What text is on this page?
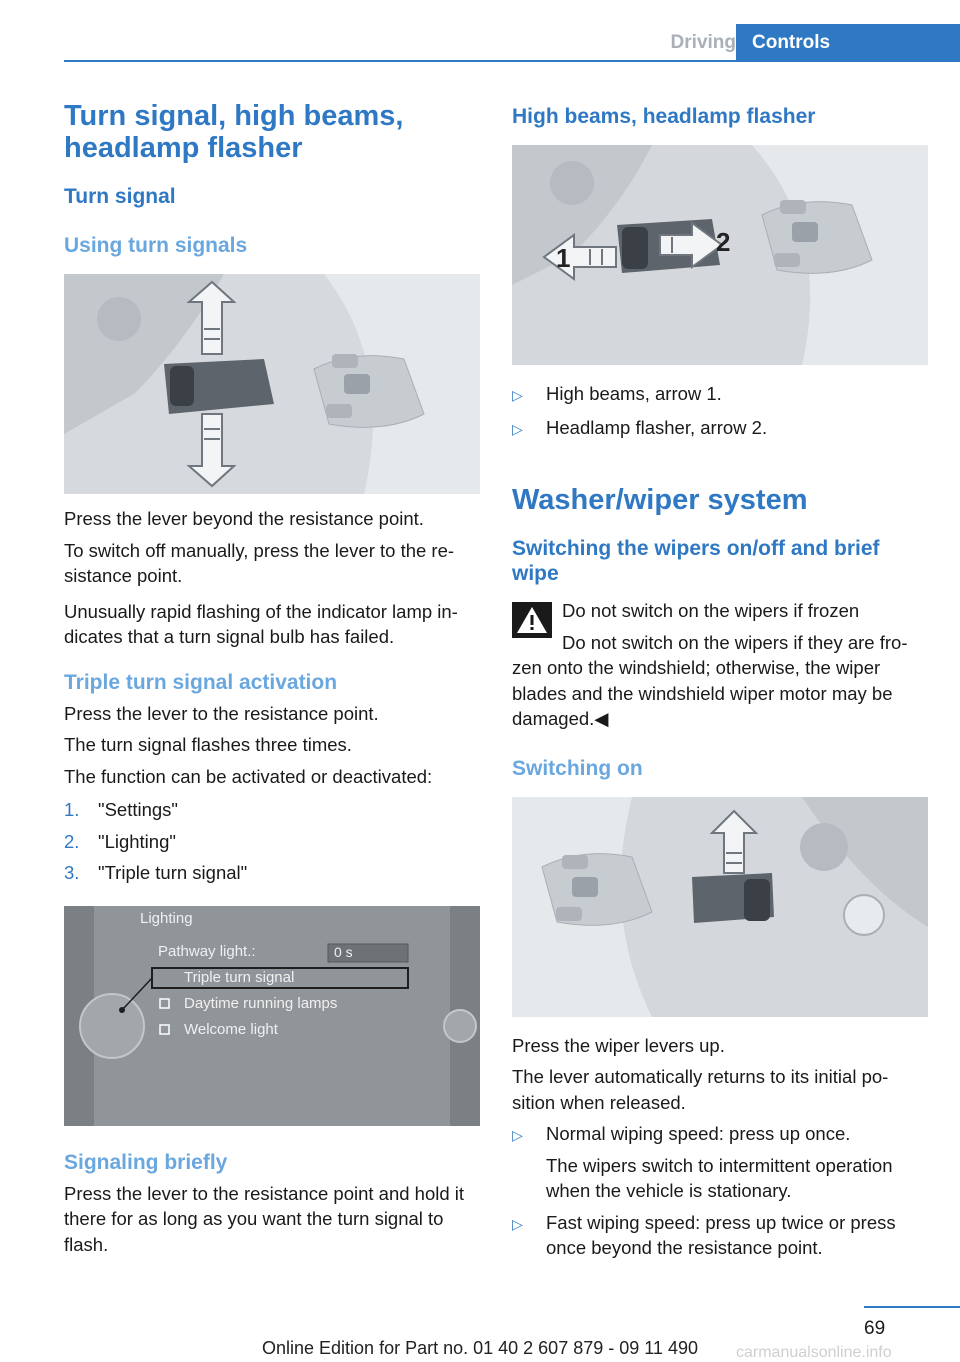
Driving Controls
Turn signal, high beams, headlamp flasher
Turn signal
Using turn signals

Press the lever beyond the resistance point.

To switch off manually, press the lever to the re-sistance point.

Unusually rapid flashing of the indicator lamp in-dicates that a turn signal bulb has failed.

Triple turn signal activation

Press the lever to the resistance point.

The turn signal flashes three times.

The function can be activated or deactivated:

1.	"Settings"
2.	"Lighting"
3.	"Triple turn signal"
Lighting
Pathway light.:	0 s
Triple turn signal
Daytime running lamps
Welcome light
Signaling briefly

Press the lever to the resistance point and hold it there for as long as you want the turn signal to flash.

High beams, headlamp flasher
1
2
▷	High beams, arrow 1.
▷	Headlamp flasher, arrow 2.
Washer/wiper system
Switching the wipers on/off and brief wipe

Do not switch on the wipers if frozen

Do not switch on the wipers if they are fro-zen onto the windshield; otherwise, the wiper blades and the windshield wiper motor may be damaged.◀

Switching on

Press the wiper levers up.

The lever automatically returns to its initial po-sition when released.

▷	Normal wiping speed: press up once.
The wipers switch to intermittent operation when the vehicle is stationary.
▷	Fast wiping speed: press up twice or press once beyond the resistance point.
69
Online Edition for Part no. 01 40 2 607 879 - 09 11 490	carmanualsonline.info
